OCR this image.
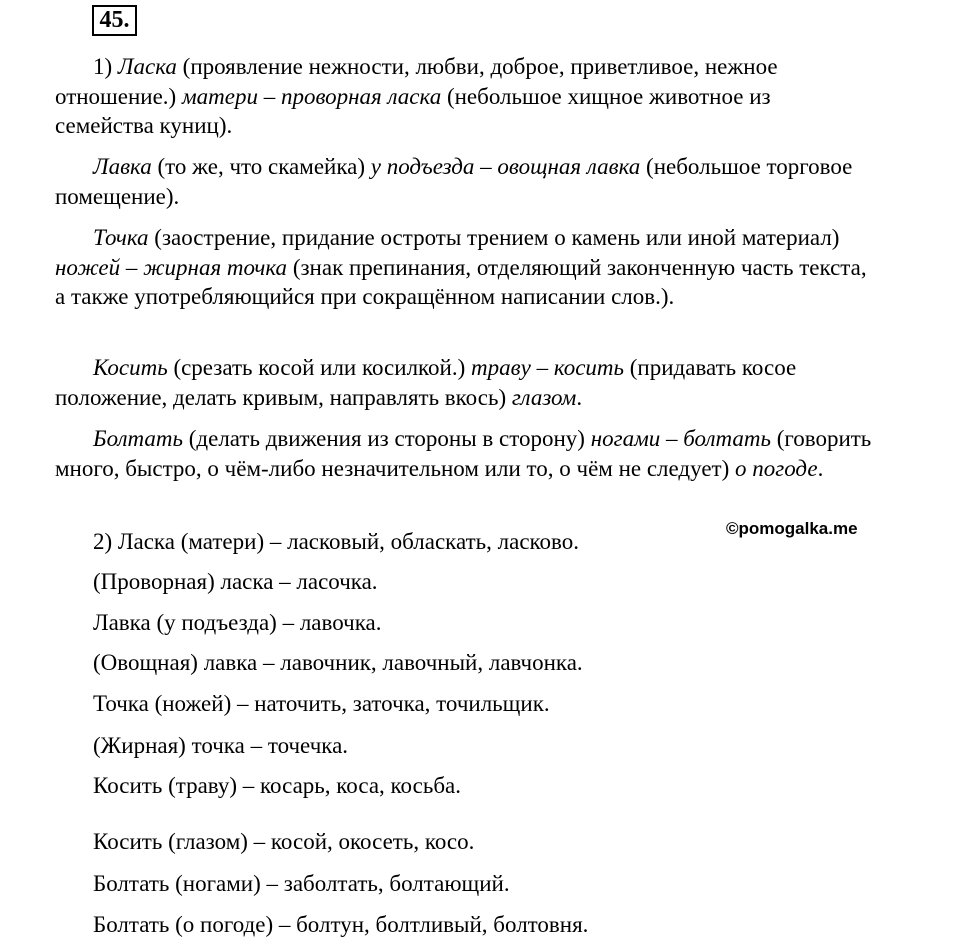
45.

1) Ласка (проявление нежности, любви, доброе, приветливое, нежное отношение.) матери – проворная ласка (небольшое хищное животное из семейства куниц).

Лавка (то же, что скамейка) у подъезда – овощная лавка (небольшое торговое помещение).

Точка (заострение, придание остроты трением о камень или иной материал) ножей – жирная точка (знак препинания, отделяющий законченную часть текста, а также употребляющийся при сокращённом написании слов.).

Косить (срезать косой или косилкой.) траву – косить (придавать косое положение, делать кривым, направлять вкось) глазом.

Болтать (делать движения из стороны в сторону) ногами – болтать (говорить много, быстро, о чём-либо незначительном или то, о чём не следует) о погоде.

©pomogalka.me

2) Ласка (матери) – ласковый, обласкать, ласково.

(Проворная) ласка – ласочка.

Лавка (у подъезда) – лавочка.

(Овощная) лавка – лавочник, лавочный, лавчонка.

Точка (ножей) – наточить, заточка, точильщик.

(Жирная) точка – точечка.

Косить (траву) – косарь, коса, косьба.

Косить (глазом) – косой, окосеть, косо.

Болтать (ногами) – заболтать, болтающий.

Болтать (о погоде) – болтун, болтливый, болтовня.
